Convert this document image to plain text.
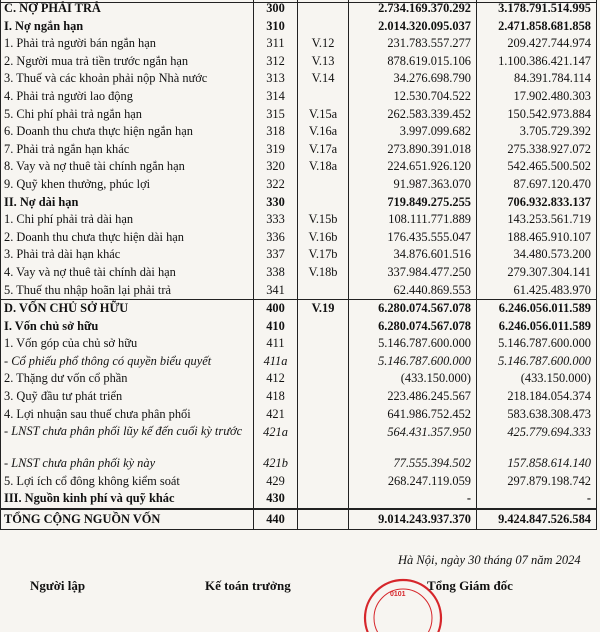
C. NỢ PHẢI TRẢ	300		2.734.169.370.292	3.178.791.514.995
I. Nợ ngắn hạn	310		2.014.320.095.037	2.471.858.681.858
1. Phải trả người bán ngắn hạn	311	V.12	231.783.557.277	209.427.744.974
2. Người mua trả tiền trước ngắn hạn	312	V.13	878.619.015.106	1.100.386.421.147
3. Thuế và các khoản phải nộp Nhà nước	313	V.14	34.276.698.790	84.391.784.114
4. Phải trả người lao động	314		12.530.704.522	17.902.480.303
5. Chi phí phải trả ngắn hạn	315	V.15a	262.583.339.452	150.542.973.884
6. Doanh thu chưa thực hiện ngắn hạn	318	V.16a	3.997.099.682	3.705.729.392
7. Phải trả ngắn hạn khác	319	V.17a	273.890.391.018	275.338.927.072
8. Vay và nợ thuê tài chính ngắn hạn	320	V.18a	224.651.926.120	542.465.500.502
9. Quỹ khen thưởng, phúc lợi	322		91.987.363.070	87.697.120.470
II. Nợ dài hạn	330		719.849.275.255	706.932.833.137
1. Chi phí phải trả dài hạn	333	V.15b	108.111.771.889	143.253.561.719
2. Doanh thu chưa thực hiện dài hạn	336	V.16b	176.435.555.047	188.465.910.107
3. Phải trả dài hạn khác	337	V.17b	34.876.601.516	34.480.573.200
4. Vay và nợ thuê tài chính dài hạn	338	V.18b	337.984.477.250	279.307.304.141
5. Thuế thu nhập hoãn lại phải trả	341		62.440.869.553	61.425.483.970
D. VỐN CHỦ SỞ HỮU	400	V.19	6.280.074.567.078	6.246.056.011.589
I. Vốn chủ sở hữu	410		6.280.074.567.078	6.246.056.011.589
1. Vốn góp của chủ sở hữu	411		5.146.787.600.000	5.146.787.600.000
- Cổ phiếu phổ thông có quyền biểu quyết	411a		5.146.787.600.000	5.146.787.600.000
2. Thặng dư vốn cổ phần	412		(433.150.000)	(433.150.000)
3. Quỹ đầu tư phát triển	418		223.486.245.567	218.184.054.374
4. Lợi nhuận sau thuế chưa phân phối	421		641.986.752.452	583.638.308.473
- LNST chưa phân phối lũy kế đến cuối kỳ trước	421a		564.431.357.950	425.779.694.333
- LNST chưa phân phối kỳ này	421b		77.555.394.502	157.858.614.140
5. Lợi ích cổ đông không kiểm soát	429		268.247.119.059	297.879.198.742
III. Nguồn kinh phí và quỹ khác	430		-	-
TỔNG CỘNG NGUỒN VỐN	440		9.014.243.937.370	9.424.847.526.584
Hà Nội, ngày 30 tháng 07 năm 2024
Người lập	Kế toán trưởng
0101
Tổng Giám đốc
